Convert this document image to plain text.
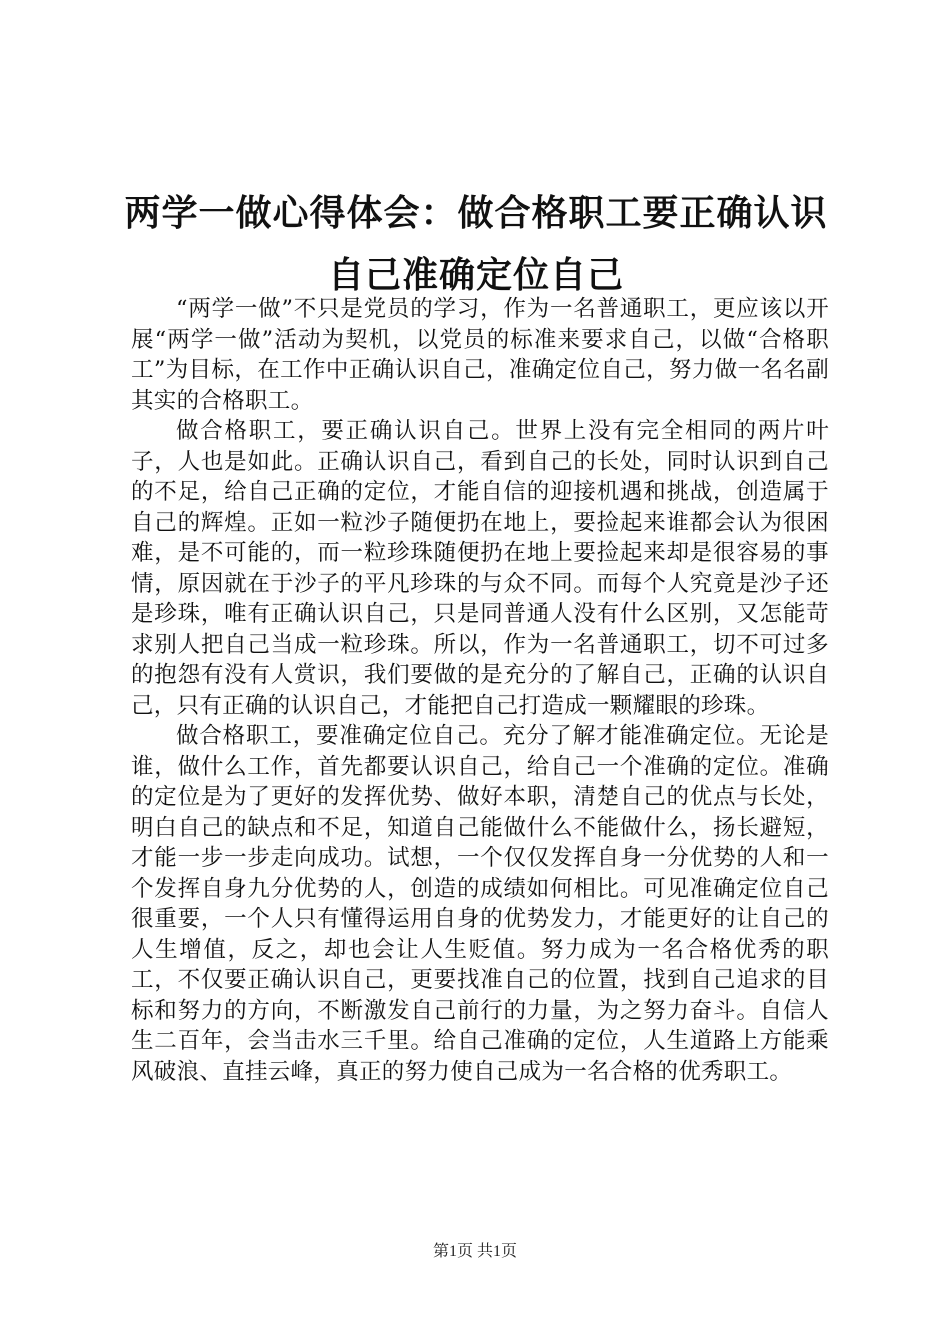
两学一做心得体会：做合格职工要正确认识自己准确定位自己

“两学一做”不只是党员的学习，作为一名普通职工，更应该以开展“两学一做”活动为契机，以党员的标准来要求自己，以做“合格职工”为目标，在工作中正确认识自己，准确定位自己，努力做一名名副其实的合格职工。

做合格职工，要正确认识自己。世界上没有完全相同的两片叶子，人也是如此。正确认识自己，看到自己的长处，同时认识到自己的不足，给自己正确的定位，才能自信的迎接机遇和挑战，创造属于自己的辉煌。正如一粒沙子随便扔在地上，要捡起来谁都会认为很困难，是不可能的，而一粒珍珠随便扔在地上要捡起来却是很容易的事情，原因就在于沙子的平凡珍珠的与众不同。而每个人究竟是沙子还是珍珠，唯有正确认识自己，只是同普通人没有什么区别，又怎能苛求别人把自己当成一粒珍珠。所以，作为一名普通职工，切不可过多的抱怨有没有人赏识，我们要做的是充分的了解自己，正确的认识自己，只有正确的认识自己，才能把自己打造成一颗耀眼的珍珠。

做合格职工，要准确定位自己。充分了解才能准确定位。无论是谁，做什么工作，首先都要认识自己，给自己一个准确的定位。准确的定位是为了更好的发挥优势、做好本职，清楚自己的优点与长处，明白自己的缺点和不足，知道自己能做什么不能做什么，扬长避短，才能一步一步走向成功。试想，一个仅仅发挥自身一分优势的人和一个发挥自身九分优势的人，创造的成绩如何相比。可见准确定位自己很重要，一个人只有懂得运用自身的优势发力，才能更好的让自己的人生增值，反之，却也会让人生贬值。努力成为一名合格优秀的职工，不仅要正确认识自己，更要找准自己的位置，找到自己追求的目标和努力的方向，不断激发自己前行的力量，为之努力奋斗。自信人生二百年，会当击水三千里。给自己准确的定位，人生道路上方能乘风破浪、直挂云峰，真正的努力使自己成为一名合格的优秀职工。

第1页 共1页
